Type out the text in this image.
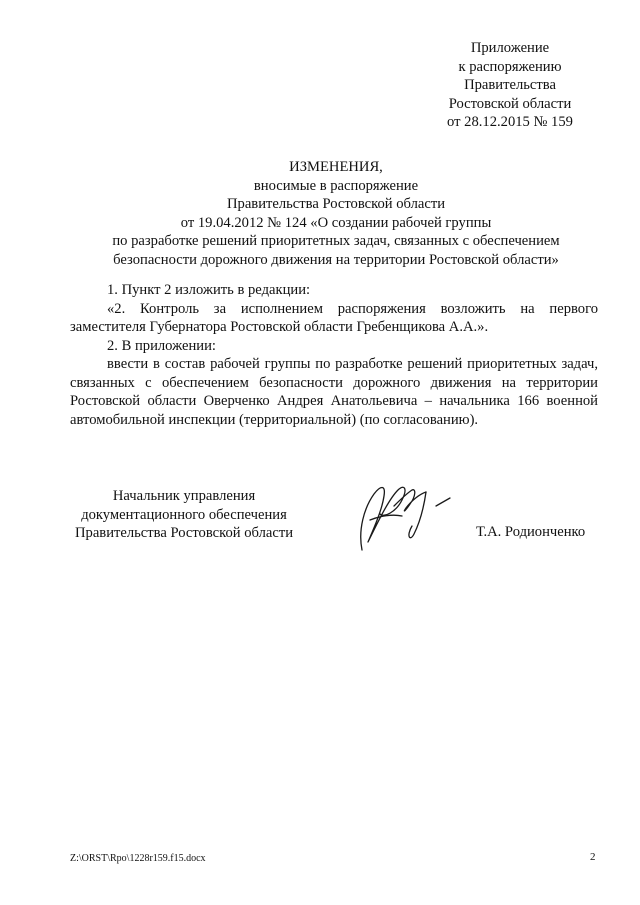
Приложение
к распоряжению
Правительства
Ростовской области
от 28.12.2015 № 159
ИЗМЕНЕНИЯ,
вносимые в распоряжение
Правительства Ростовской области
от 19.04.2012 № 124 «О создании рабочей группы
по разработке решений приоритетных задач, связанных с обеспечением
безопасности дорожного движения на территории Ростовской области»

1. Пункт 2 изложить в редакции:

«2. Контроль за исполнением распоряжения возложить на первого заместителя Губернатора Ростовской области Гребенщикова А.А.».

2. В приложении:

ввести в состав рабочей группы по разработке решений приоритетных задач, связанных с обеспечением безопасности дорожного движения на территории Ростовской области Оверченко Андрея Анатольевича – начальника 166 военной автомобильной инспекции (территориальной) (по согласованию).

Начальник управления
документационного обеспечения
Правительства Ростовской области	Т.А. Родионченко
Z:\ORST\Rpo\1228r159.f15.docx	2
